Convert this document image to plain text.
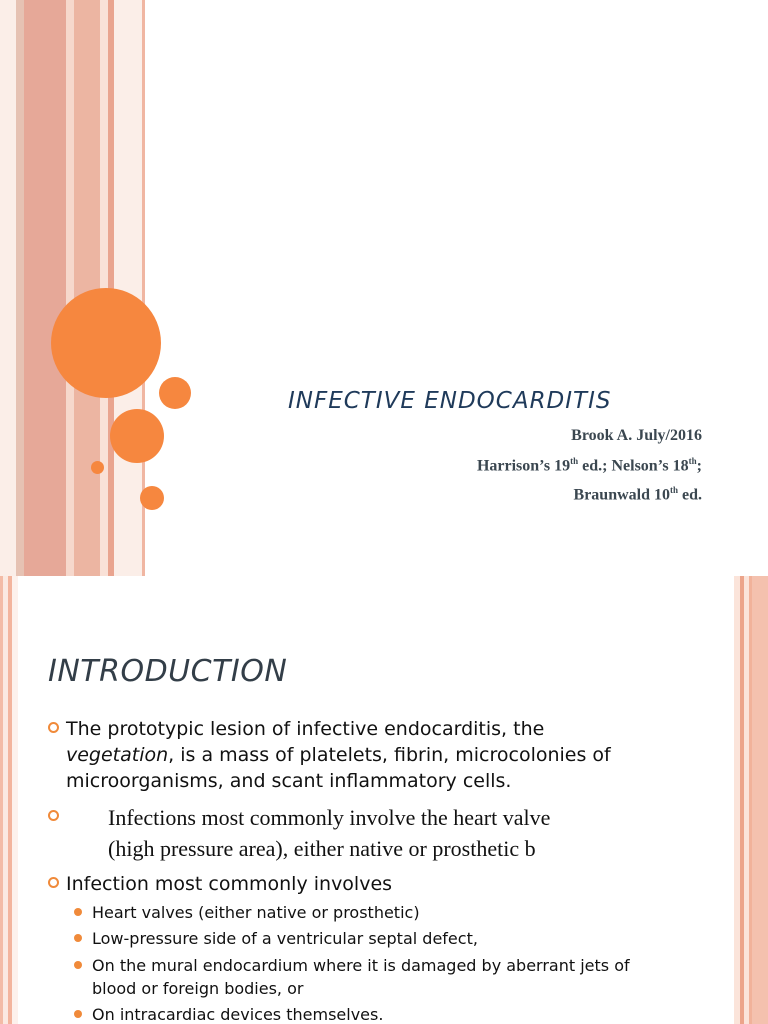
INFECTIVE ENDOCARDITIS
Brook A. July/2016
Harrison’s 19th ed.; Nelson’s 18th;
Braunwald 10th ed.
INTRODUCTION
The prototypic lesion of infective endocarditis, the vegetation, is a mass of platelets, fibrin, microcolonies of microorganisms, and scant inflammatory cells.
Infections most commonly involve the heart valve
(high pressure area), either native or prosthetic b
Infection most commonly involves
Heart valves (either native or prosthetic)
Low-pressure side of a ventricular septal defect,
On the mural endocardium where it is damaged by aberrant jets of blood or foreign bodies, or
On intracardiac devices themselves.
